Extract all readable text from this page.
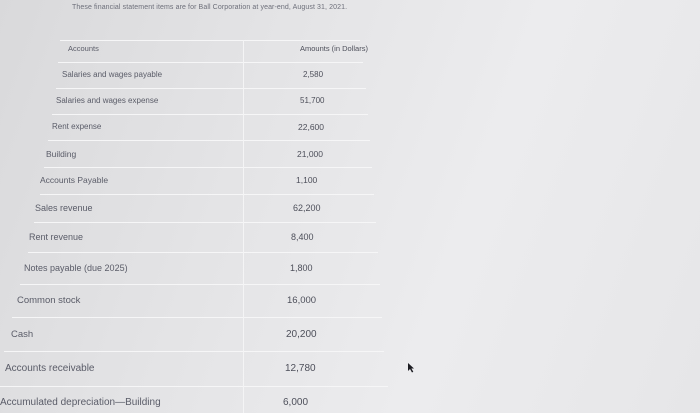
These financial statement items are for Ball Corporation at year-end, August 31, 2021.
Accounts	Amounts (in Dollars)
Salaries and wages payable	2,580
Salaries and wages expense	51,700
Rent expense	22,600
Building	21,000
Accounts Payable	1,100
Sales revenue	62,200
Rent revenue	8,400
Notes payable (due 2025)	1,800
Common stock	16,000
Cash	20,200
Accounts receivable	12,780
Accumulated depreciation—Building	6,000
